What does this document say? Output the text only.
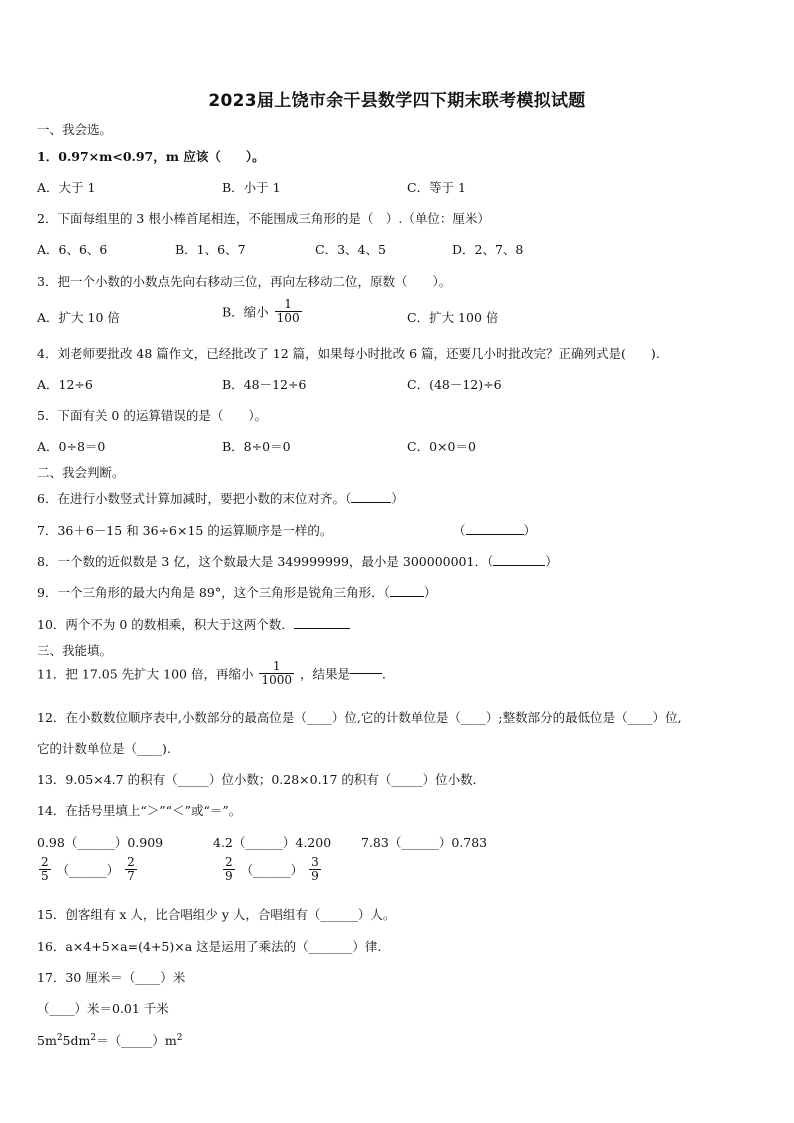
2023届上饶市余干县数学四下期末联考模拟试题
一、我会选。
1．0.97×m<0.97，m 应该（　　）。
A．大于 1	B．小于 1	C．等于 1
2．下面每组里的 3 根小棒首尾相连，不能围成三角形的是（　）.（单位：厘米）
A．6、6、6	B．1、6、7	C．3、4、5	D．2、7、8
3．把一个小数的小数点先向右移动三位，再向左移动二位，原数（　　）。
A．扩大 10 倍	B．缩小 $\frac{1}{100}$	C．扩大 100 倍
4．刘老师要批改 48 篇作文，已经批改了 12 篇，如果每小时批改 6 篇，还要几小时批改完？正确列式是(　　).
A．12÷6	B．48－12÷6	C．(48－12)÷6
5．下面有关 0 的运算错误的是（　　）。
A．0÷8＝0	B．8÷0＝0	C．0×0＝0
二、我会判断。
6．在进行小数竖式计算加减时，要把小数的末位对齐。（	）
7．36＋6－15 和 36÷6×15 的运算顺序是一样的。	（	）
8．一个数的近似数是 3 亿，这个数最大是 349999999，最小是 300000001．（	）
9．一个三角形的最大内角是 89°，这个三角形是锐角三角形．（	）
10．两个不为 0 的数相乘，积大于这两个数．
三、我能填。
11．把 17.05 先扩大 100 倍，再缩小 $\frac{1}{1000}$ ，结果是	．
12．在小数数位顺序表中,小数部分的最高位是（____）位,它的计数单位是（____）;整数部分的最低位是（____）位,
它的计数单位是（____).
13．9.05×4.7 的积有（_____）位小数；0.28×0.17 的积有（_____）位小数．
14．在括号里填上“＞”“＜”或“＝”。
0.98（______）0.909	4.2（______）4.200 7.83（______）0.783
$\frac{2}{5}$ （______） $\frac{2}{7}$	$\frac{2}{9}$ （______） $\frac{3}{9}$
15．创客组有 x 人，比合唱组少 y 人，合唱组有（______）人。
16．a×4+5×a=(4+5)×a 这是运用了乘法的（_______）律.
17．30 厘米＝（____）米
（____）米＝0.01 千米
$5m^25dm^2=(\_\_\_\_\_)m^2$
